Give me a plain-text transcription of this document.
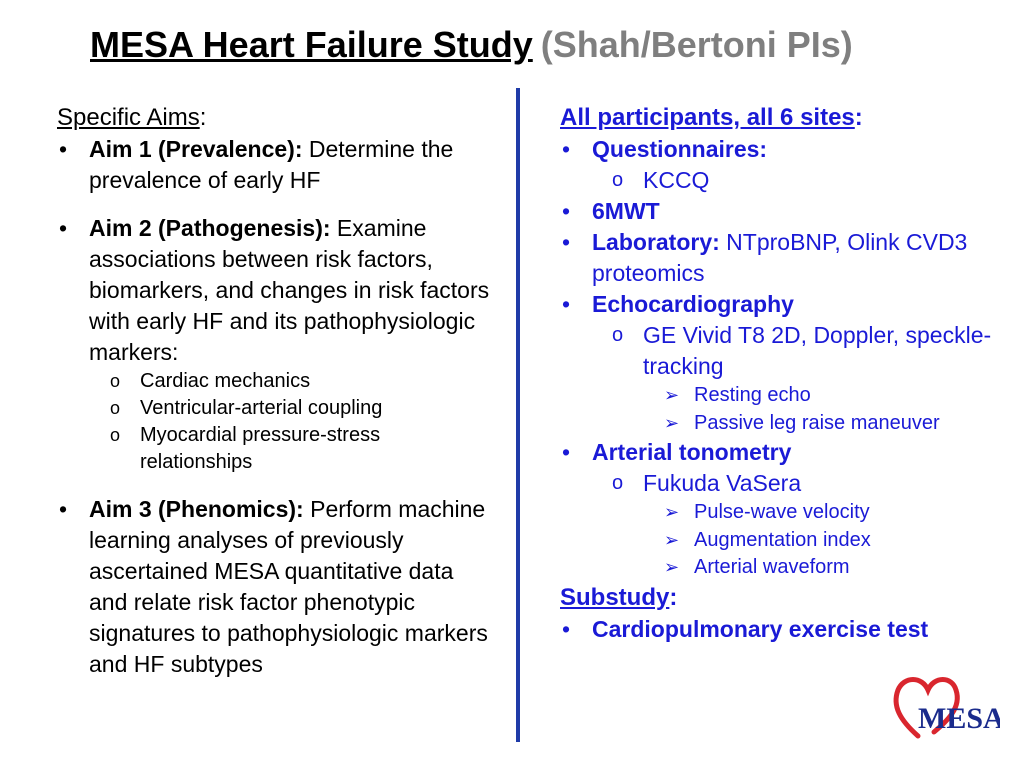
MESA Heart Failure Study (Shah/Bertoni PIs)
Specific Aims:
• Aim 1 (Prevalence): Determine the prevalence of early HF
• Aim 2 (Pathogenesis): Examine associations between risk factors, biomarkers, and changes in risk factors with early HF and its pathophysiologic markers:
o Cardiac mechanics
o Ventricular-arterial coupling
o Myocardial pressure-stress relationships
• Aim 3 (Phenomics): Perform machine learning analyses of previously ascertained MESA quantitative data and relate risk factor phenotypic signatures to pathophysiologic markers and HF subtypes
All participants, all 6 sites:
• Questionnaires:
o KCCQ
• 6MWT
• Laboratory: NTproBNP, Olink CVD3 proteomics
• Echocardiography
o GE Vivid T8 2D, Doppler, speckle-tracking
➢ Resting echo
➢ Passive leg raise maneuver
• Arterial tonometry
o Fukuda VaSera
➢ Pulse-wave velocity
➢ Augmentation index
➢ Arterial waveform
Substudy:
• Cardiopulmonary exercise test
MESA
